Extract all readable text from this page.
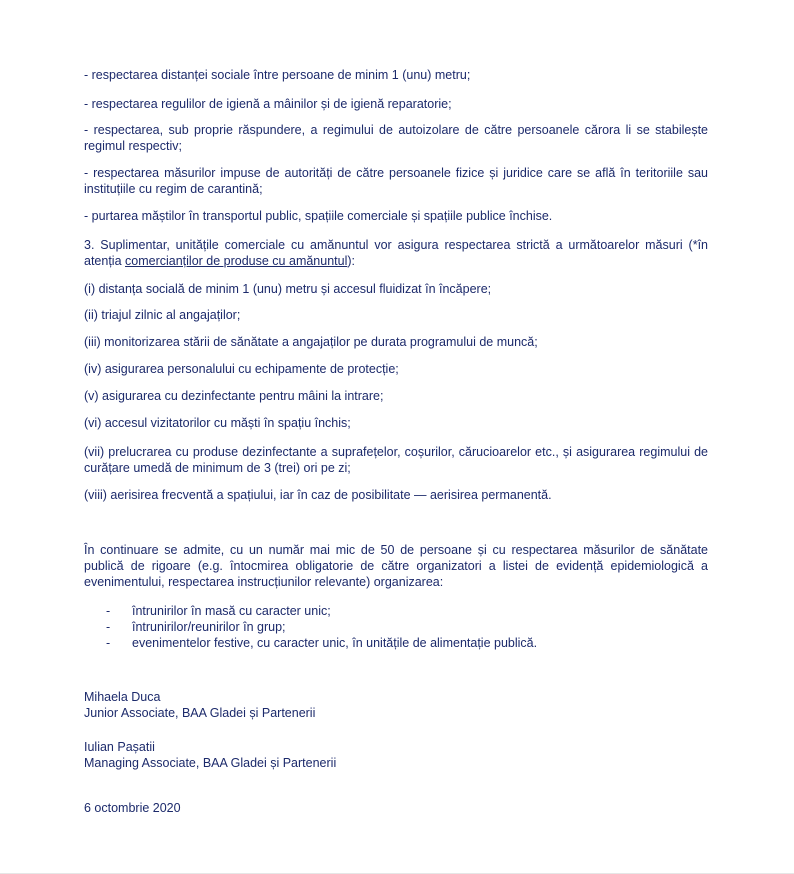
- respectarea distanței sociale între persoane de minim 1 (unu) metru;

- respectarea regulilor de igienă a mâinilor și de igienă reparatorie;

- respectarea, sub proprie răspundere, a regimului de autoizolare de către persoanele cărora li se stabilește regimul respectiv;

- respectarea măsurilor impuse de autorități de către persoanele fizice și juridice care se află în teritoriile sau instituțiile cu regim de carantină;

- purtarea măștilor în transportul public, spațiile comerciale și spațiile publice închise.

3. Suplimentar, unitățile comerciale cu amănuntul vor asigura respectarea strictă a următoarelor măsuri (*în atenția comercianților de produse cu amănuntul):

(i) distanța socială de minim 1 (unu) metru și accesul fluidizat în încăpere;

(ii) triajul zilnic al angajaților;

(iii) monitorizarea stării de sănătate a angajaților pe durata programului de muncă;

(iv) asigurarea personalului cu echipamente de protecție;

(v) asigurarea cu dezinfectante pentru mâini la intrare;

(vi) accesul vizitatorilor cu măști în spațiu închis;

(vii) prelucrarea cu produse dezinfectante a suprafețelor, coșurilor, cărucioarelor etc., și asigurarea regimului de curățare umedă de minimum de 3 (trei) ori pe zi;

(viii) aerisirea frecventă a spațiului, iar în caz de posibilitate — aerisirea permanentă.

În continuare se admite, cu un număr mai mic de 50 de persoane și cu respectarea măsurilor de sănătate publică de rigoare (e.g. întocmirea obligatorie de către organizatori a listei de evidență epidemiologică a evenimentului, respectarea instrucțiunilor relevante) organizarea:

-	întrunirilor în masă cu caracter unic;
-	întrunirilor/reunirilor în grup;
-	evenimentelor festive, cu caracter unic, în unitățile de alimentație publică.
Mihaela Duca
Junior Associate, BAA Gladei și Partenerii
Iulian Pașatii
Managing Associate, BAA Gladei și Partenerii

6 octombrie 2020
